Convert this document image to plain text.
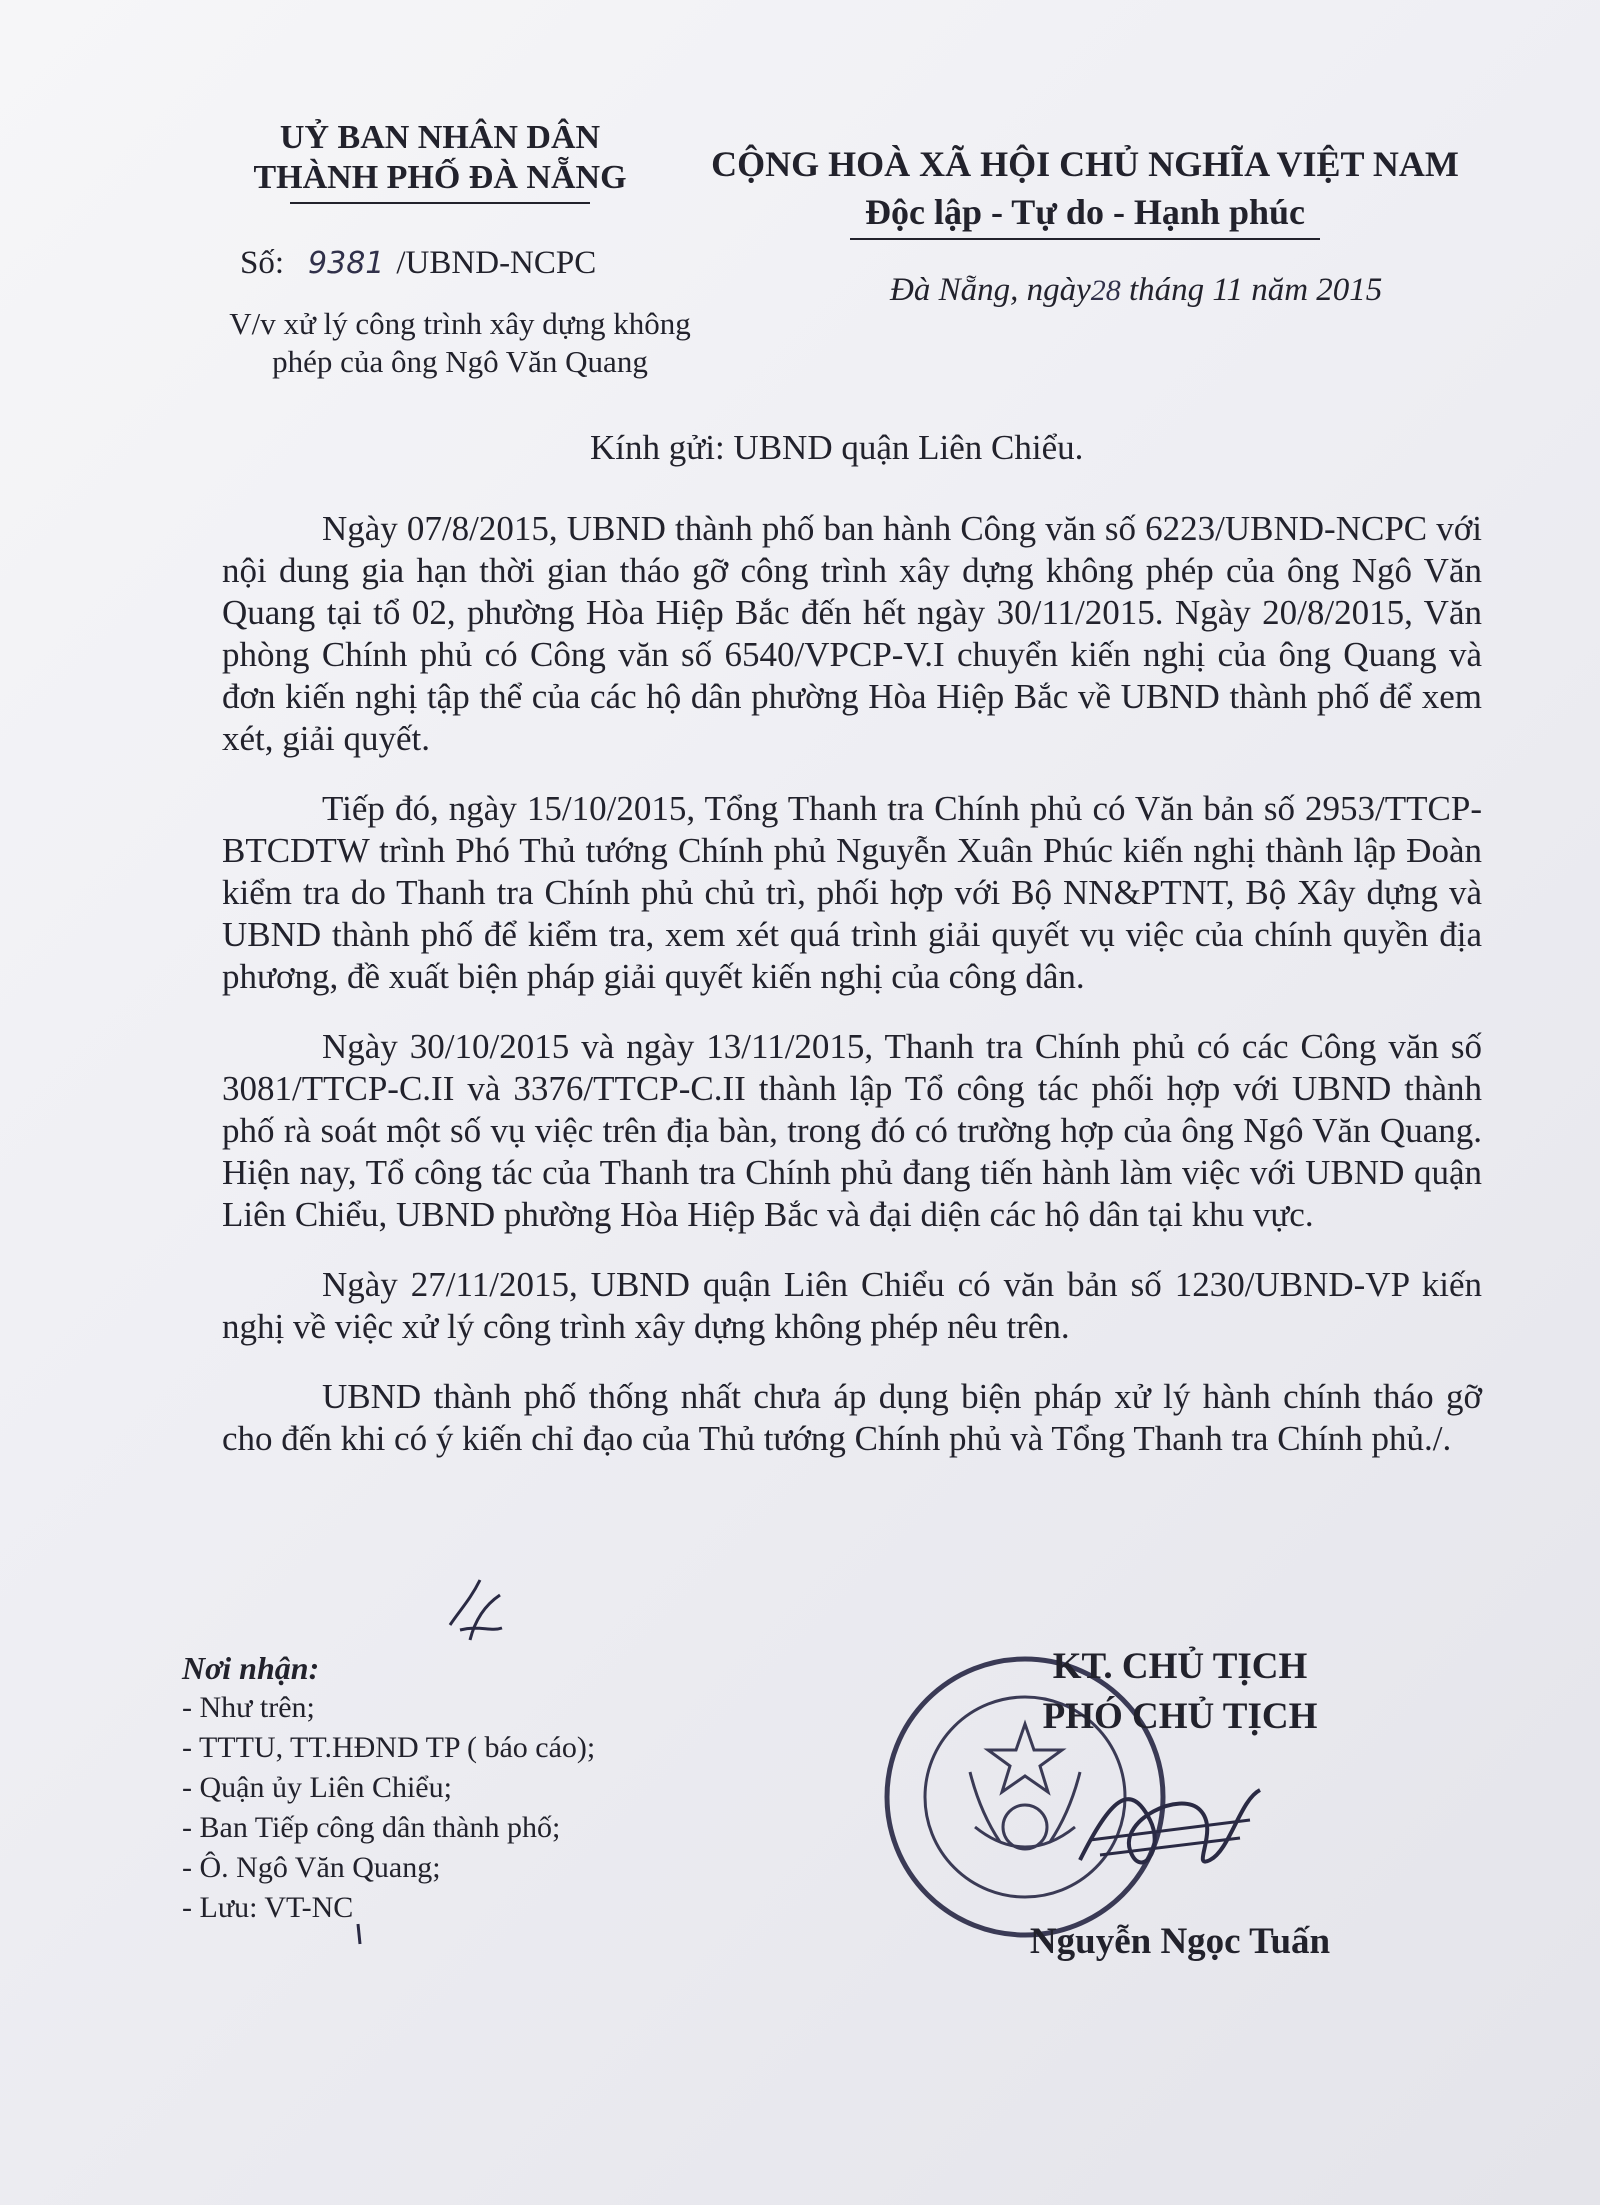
UỶ BAN NHÂN DÂN
THÀNH PHỐ ĐÀ NẴNG	CỘNG HOÀ XÃ HỘI CHỦ NGHĨA VIỆT NAM
Độc lập - Tự do - Hạnh phúc
Số: 9381 /UBND-NCPC
V/v xử lý công trình xây dựng không
phép của ông Ngô Văn Quang
Đà Nẵng, ngày28 tháng 11 năm 2015
Kính gửi: UBND quận Liên Chiểu.

Ngày 07/8/2015, UBND thành phố ban hành Công văn số 6223/UBND-NCPC với nội dung gia hạn thời gian tháo gỡ công trình xây dựng không phép của ông Ngô Văn Quang tại tổ 02, phường Hòa Hiệp Bắc đến hết ngày 30/11/2015. Ngày 20/8/2015, Văn phòng Chính phủ có Công văn số 6540/VPCP-V.I chuyển kiến nghị của ông Quang và đơn kiến nghị tập thể của các hộ dân phường Hòa Hiệp Bắc về UBND thành phố để xem xét, giải quyết.

Tiếp đó, ngày 15/10/2015, Tổng Thanh tra Chính phủ có Văn bản số 2953/TTCP-BTCDTW trình Phó Thủ tướng Chính phủ Nguyễn Xuân Phúc kiến nghị thành lập Đoàn kiểm tra do Thanh tra Chính phủ chủ trì, phối hợp với Bộ NN&PTNT, Bộ Xây dựng và UBND thành phố để kiểm tra, xem xét quá trình giải quyết vụ việc của chính quyền địa phương, đề xuất biện pháp giải quyết kiến nghị của công dân.

Ngày 30/10/2015 và ngày 13/11/2015, Thanh tra Chính phủ có các Công văn số 3081/TTCP-C.II và 3376/TTCP-C.II thành lập Tổ công tác phối hợp với UBND thành phố rà soát một số vụ việc trên địa bàn, trong đó có trường hợp của ông Ngô Văn Quang. Hiện nay, Tổ công tác của Thanh tra Chính phủ đang tiến hành làm việc với UBND quận Liên Chiểu, UBND phường Hòa Hiệp Bắc và đại diện các hộ dân tại khu vực.

Ngày 27/11/2015, UBND quận Liên Chiểu có văn bản số 1230/UBND-VP kiến nghị về việc xử lý công trình xây dựng không phép nêu trên.

UBND thành phố thống nhất chưa áp dụng biện pháp xử lý hành chính tháo gỡ cho đến khi có ý kiến chỉ đạo của Thủ tướng Chính phủ và Tổng Thanh tra Chính phủ./.

Nơi nhận:
- Như trên;
- TTTU, TT.HĐND TP ( báo cáo);
- Quận ủy Liên Chiểu;
- Ban Tiếp công dân thành phố;
- Ô. Ngô Văn Quang;
- Lưu: VT-NC
KT. CHỦ TỊCH
PHÓ CHỦ TỊCH
Nguyễn Ngọc Tuấn
